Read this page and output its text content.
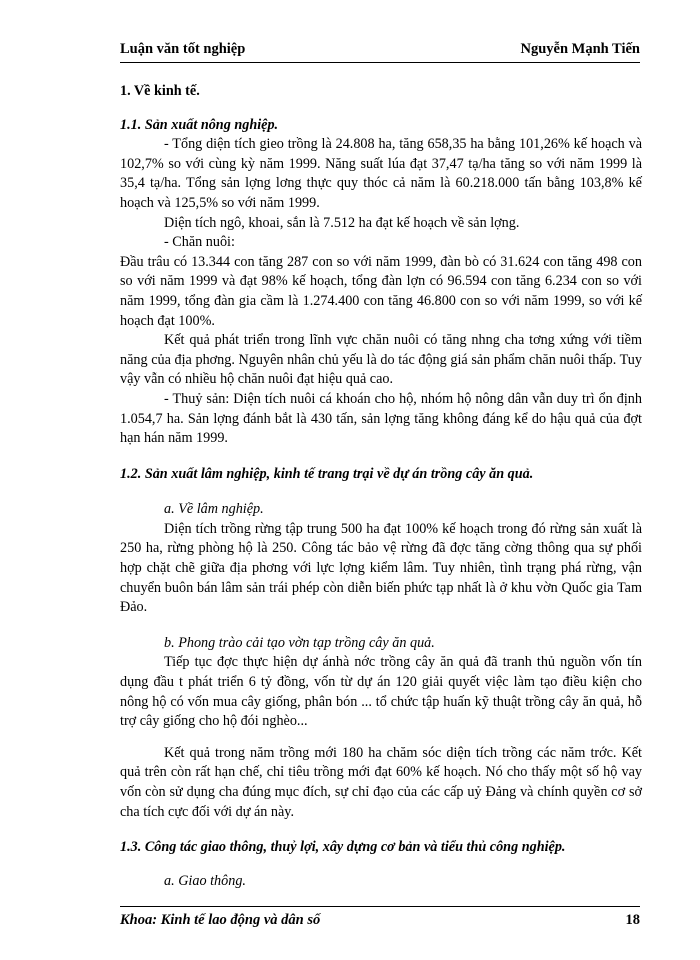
Luận văn tốt nghiệp	Nguyễn Mạnh Tiến

1. Về kinh tế.

1.1. Sản xuất nông nghiệp.

- Tổng diện tích gieo trồng là 24.808 ha, tăng 658,35 ha bằng 101,26% kế hoạch và 102,7% so với cùng kỳ năm 1999. Năng suất lúa đạt 37,47 tạ/ha tăng so với năm 1999 là 35,4 tạ/ha. Tổng sản lợng lơng thực quy thóc cả năm là 60.218.000 tấn bằng 103,8% kế hoạch và 125,5% so với năm 1999.

Diện tích ngô, khoai, sắn là 7.512 ha đạt kế hoạch về sản lợng.

- Chăn nuôi:

Đầu trâu có 13.344 con tăng 287 con so với năm 1999, đàn bò có 31.624 con tăng 498 con so với năm 1999 và đạt 98% kế hoạch, tổng đàn lợn có 96.594 con tăng 6.234 con so với năm 1999, tổng đàn gia cầm là 1.274.400 con tăng 46.800 con so với năm 1999, so với kế hoạch đạt 100%.

Kết quả phát triển trong lĩnh vực chăn nuôi có tăng nhng cha tơng xứng với tiềm năng của địa phơng. Nguyên nhân chủ yếu là do tác động giá sản phẩm chăn nuôi thấp. Tuy vậy vẫn có nhiều hộ chăn nuôi đạt hiệu quả cao.

- Thuỷ sản: Diện tích nuôi cá khoán cho hộ, nhóm hộ nông dân vẫn duy trì ổn định 1.054,7 ha. Sản lợng đánh bắt là 430 tấn, sản lợng tăng không đáng kể do hậu quả của đợt hạn hán năm 1999.

1.2. Sản xuất lâm nghiệp, kinh tế trang trại về dự án trồng cây ăn quả.

a. Về lâm nghiệp.

Diện tích trồng rừng tập trung 500 ha đạt 100% kế hoạch trong đó rừng sản xuất là 250 ha, rừng phòng hộ là 250. Công tác bảo vệ rừng đã đợc tăng cờng thông qua sự phối hợp chặt chẽ giữa địa phơng với lực lợng kiểm lâm. Tuy nhiên, tình trạng phá rừng, vận chuyển buôn bán lâm sản trái phép còn diễn biến phức tạp nhất là ở khu vờn Quốc gia Tam Đảo.

b. Phong trào cải tạo vờn tạp trồng cây ăn quả.

Tiếp tục đợc thực hiện dự ánhà nớc trồng cây ăn quả đã tranh thủ nguồn vốn tín dụng đầu t phát triển 6 tỷ đồng, vốn từ dự án 120 giải quyết việc làm tạo điều kiện cho nông hộ có vốn mua cây giống, phân bón ... tổ chức tập huấn kỹ thuật trồng cây ăn quả, hỗ trợ cây giống cho hộ đói nghèo...

Kết quả trong năm trồng mới 180 ha chăm sóc diện tích trồng các năm trớc. Kết quả trên còn rất hạn chế, chỉ tiêu trồng mới đạt 60% kế hoạch. Nó cho thấy một số hộ vay vốn còn sử dụng cha đúng mục đích, sự chỉ đạo của các cấp uỷ Đảng và chính quyền cơ sở cha tích cực đối với dự án này.

1.3. Công tác giao thông, thuỷ lợi, xây dựng cơ bản và tiểu thủ công nghiệp.

a. Giao thông.

Khoa: Kinh tế lao động và dân số	18
